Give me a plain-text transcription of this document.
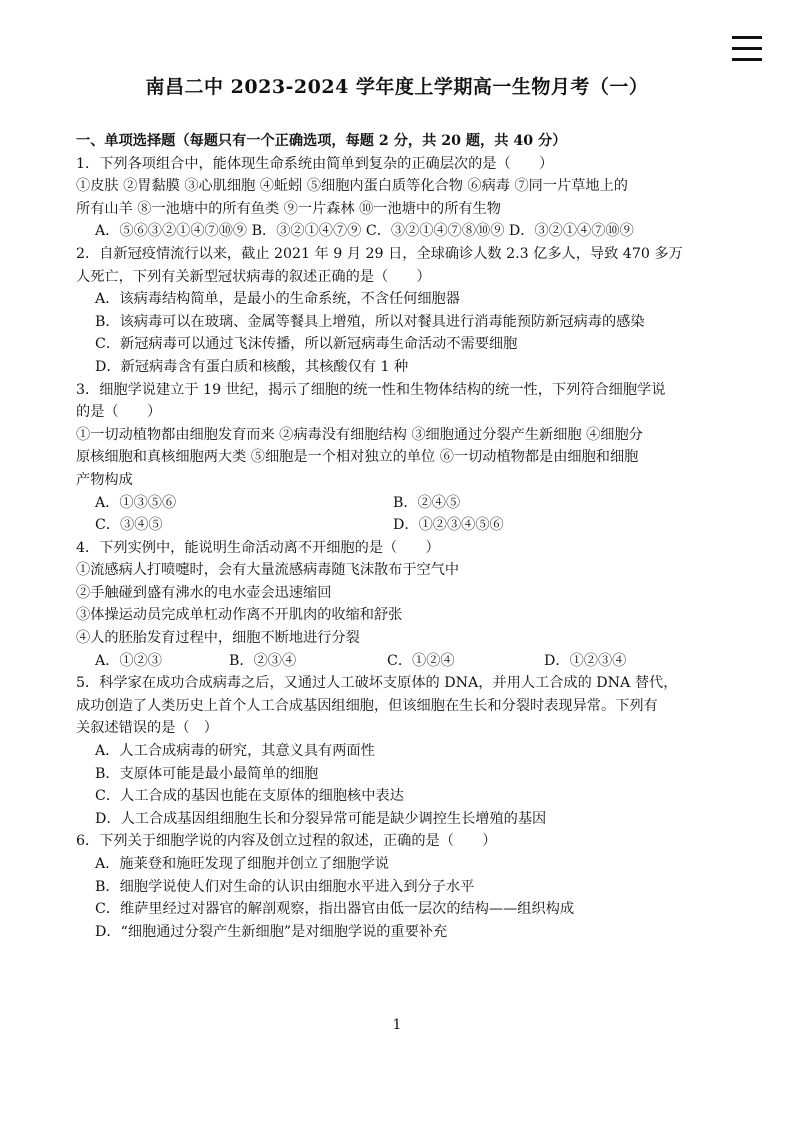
南昌二中 2023-2024 学年度上学期高一生物月考（一）
一、单项选择题（每题只有一个正确选项，每题 2 分，共 20 题，共 40 分）
1．下列各项组合中，能体现生命系统由简单到复杂的正确层次的是（　　）
①皮肤 ②胃黏膜 ③心肌细胞 ④蚯蚓 ⑤细胞内蛋白质等化合物 ⑥病毒 ⑦同一片草地上的
所有山羊 ⑧一池塘中的所有鱼类 ⑨一片森林 ⑩一池塘中的所有生物
A．⑤⑥③②①④⑦⑩⑨ B．③②①④⑦⑨ C．③②①④⑦⑧⑩⑨ D．③②①④⑦⑩⑨
2．自新冠疫情流行以来，截止 2021 年 9 月 29 日，全球确诊人数 2.3 亿多人，导致 470 多万
人死亡，下列有关新型冠状病毒的叙述正确的是（　　）
A．该病毒结构简单，是最小的生命系统，不含任何细胞器
B．该病毒可以在玻璃、金属等餐具上增殖，所以对餐具进行消毒能预防新冠病毒的感染
C．新冠病毒可以通过飞沫传播，所以新冠病毒生命活动不需要细胞
D．新冠病毒含有蛋白质和核酸，其核酸仅有 1 种
3．细胞学说建立于 19 世纪，揭示了细胞的统一性和生物体结构的统一性，下列符合细胞学说
的是（　　）
①一切动植物都由细胞发育而来 ②病毒没有细胞结构 ③细胞通过分裂产生新细胞 ④细胞分
原核细胞和真核细胞两大类 ⑤细胞是一个相对独立的单位 ⑥一切动植物都是由细胞和细胞
产物构成
A．①③⑤⑥	B．②④⑤
C．③④⑤	D．①②③④⑤⑥
4．下列实例中，能说明生命活动离不开细胞的是（　　）
①流感病人打喷嚏时，会有大量流感病毒随飞沫散布于空气中
②手触碰到盛有沸水的电水壶会迅速缩回
③体操运动员完成单杠动作离不开肌肉的收缩和舒张
④人的胚胎发育过程中，细胞不断地进行分裂
A．①②③	B．②③④	C．①②④	D．①②③④
5．科学家在成功合成病毒之后，又通过人工破坏支原体的 DNA，并用人工合成的 DNA 替代，
成功创造了人类历史上首个人工合成基因组细胞，但该细胞在生长和分裂时表现异常。下列有
关叙述错误的是（　）
A．人工合成病毒的研究，其意义具有两面性
B．支原体可能是最小最简单的细胞
C．人工合成的基因也能在支原体的细胞核中表达
D．人工合成基因组细胞生长和分裂异常可能是缺少调控生长增殖的基因
6．下列关于细胞学说的内容及创立过程的叙述，正确的是（　　）
A．施莱登和施旺发现了细胞并创立了细胞学说
B．细胞学说使人们对生命的认识由细胞水平进入到分子水平
C．维萨里经过对器官的解剖观察，指出器官由低一层次的结构——组织构成
D．“细胞通过分裂产生新细胞”是对细胞学说的重要补充
1
